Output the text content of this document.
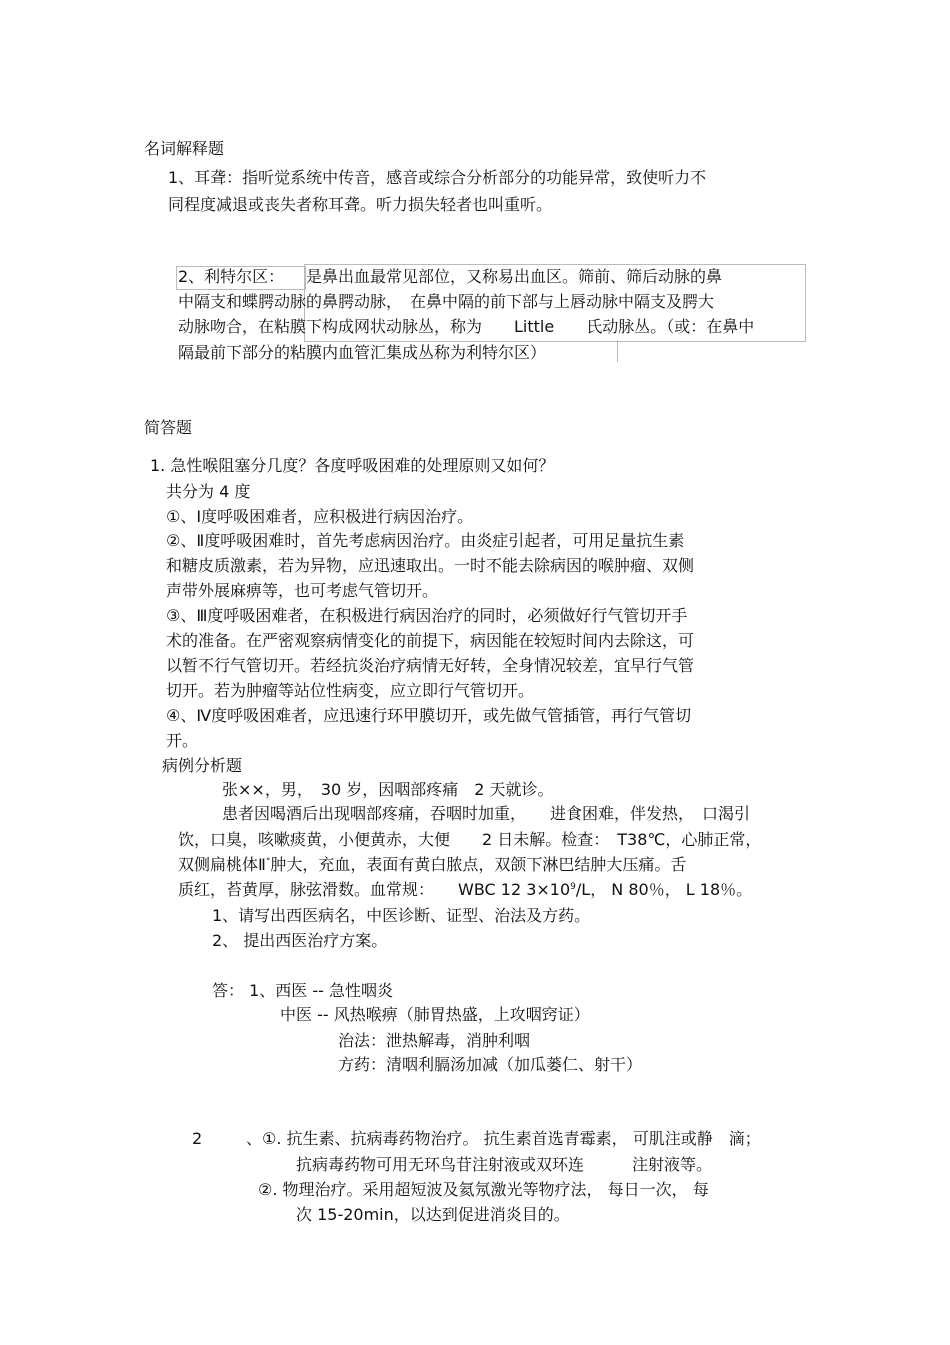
名词解释题
1、耳聋：指听觉系统中传音，感音或综合分析部分的功能异常，致使听力不
同程度减退或丧失者称耳聋。听力损失轻者也叫重听。
2、利特尔区： 是鼻出血最常见部位，又称易出血区。筛前、筛后动脉的鼻
中隔支和蝶腭动脉的鼻腭动脉，　在鼻中隔的前下部与上唇动脉中隔支及腭大
动脉吻合，在粘膜下构成网状动脉丛，称为　　Little　　氏动脉丛。（或：在鼻中
隔最前下部分的粘膜内血管汇集成丛称为利特尔区）
简答题
1. 急性喉阻塞分几度？各度呼吸困难的处理原则又如何？
共分为 4 度
①、Ⅰ度呼吸困难者，应积极进行病因治疗。
②、Ⅱ度呼吸困难时，首先考虑病因治疗。由炎症引起者，可用足量抗生素
和糖皮质激素，若为异物，应迅速取出。一时不能去除病因的喉肿瘤、双侧
声带外展麻痹等，也可考虑气管切开。
③、Ⅲ度呼吸困难者，在积极进行病因治疗的同时，必须做好行气管切开手
术的准备。在严密观察病情变化的前提下，病因能在较短时间内去除这，可
以暂不行气管切开。若经抗炎治疗病情无好转，全身情况较差，宜早行气管
切开。若为肿瘤等站位性病变，应立即行气管切开。
④、Ⅳ度呼吸困难者，应迅速行环甲膜切开，或先做气管插管，再行气管切
开。
病例分析题
张××，男，　30 岁，因咽部疼痛　2 天就诊。
患者因喝酒后出现咽部疼痛，吞咽时加重，　　进食困难，伴发热，　口渴引
饮，口臭，咳嗽痰黄，小便黄赤，大便　　2 日未解。检查：　T38℃，心肺正常，
双侧扁桃体Ⅱ°肿大，充血，表面有黄白脓点，双颌下淋巴结肿大压痛。舌
质红，苔黄厚，脉弦滑数。血常规：　　WBC 12 $3\times 10^9/L$， N 80％， L 18％。
1、请写出西医病名，中医诊断、证型、治法及方药。
2、 提出西医治疗方案。
答： 1、西医 -- 急性咽炎
中医 -- 风热喉痹（肺胃热盛，上攻咽窍证）
治法：泄热解毒，消肿利咽
方药：清咽利膈汤加减（加瓜蒌仁、射干）
2	、①. 抗生素、抗病毒药物治疗。 抗生素首选青霉素， 可肌注或静　滴；
抗病毒药物可用无环鸟苷注射液或双环连　　　注射液等。
②. 物理治疗。采用超短波及氦氖激光等物疗法， 每日一次， 每
次 15-20min，以达到促进消炎目的。
